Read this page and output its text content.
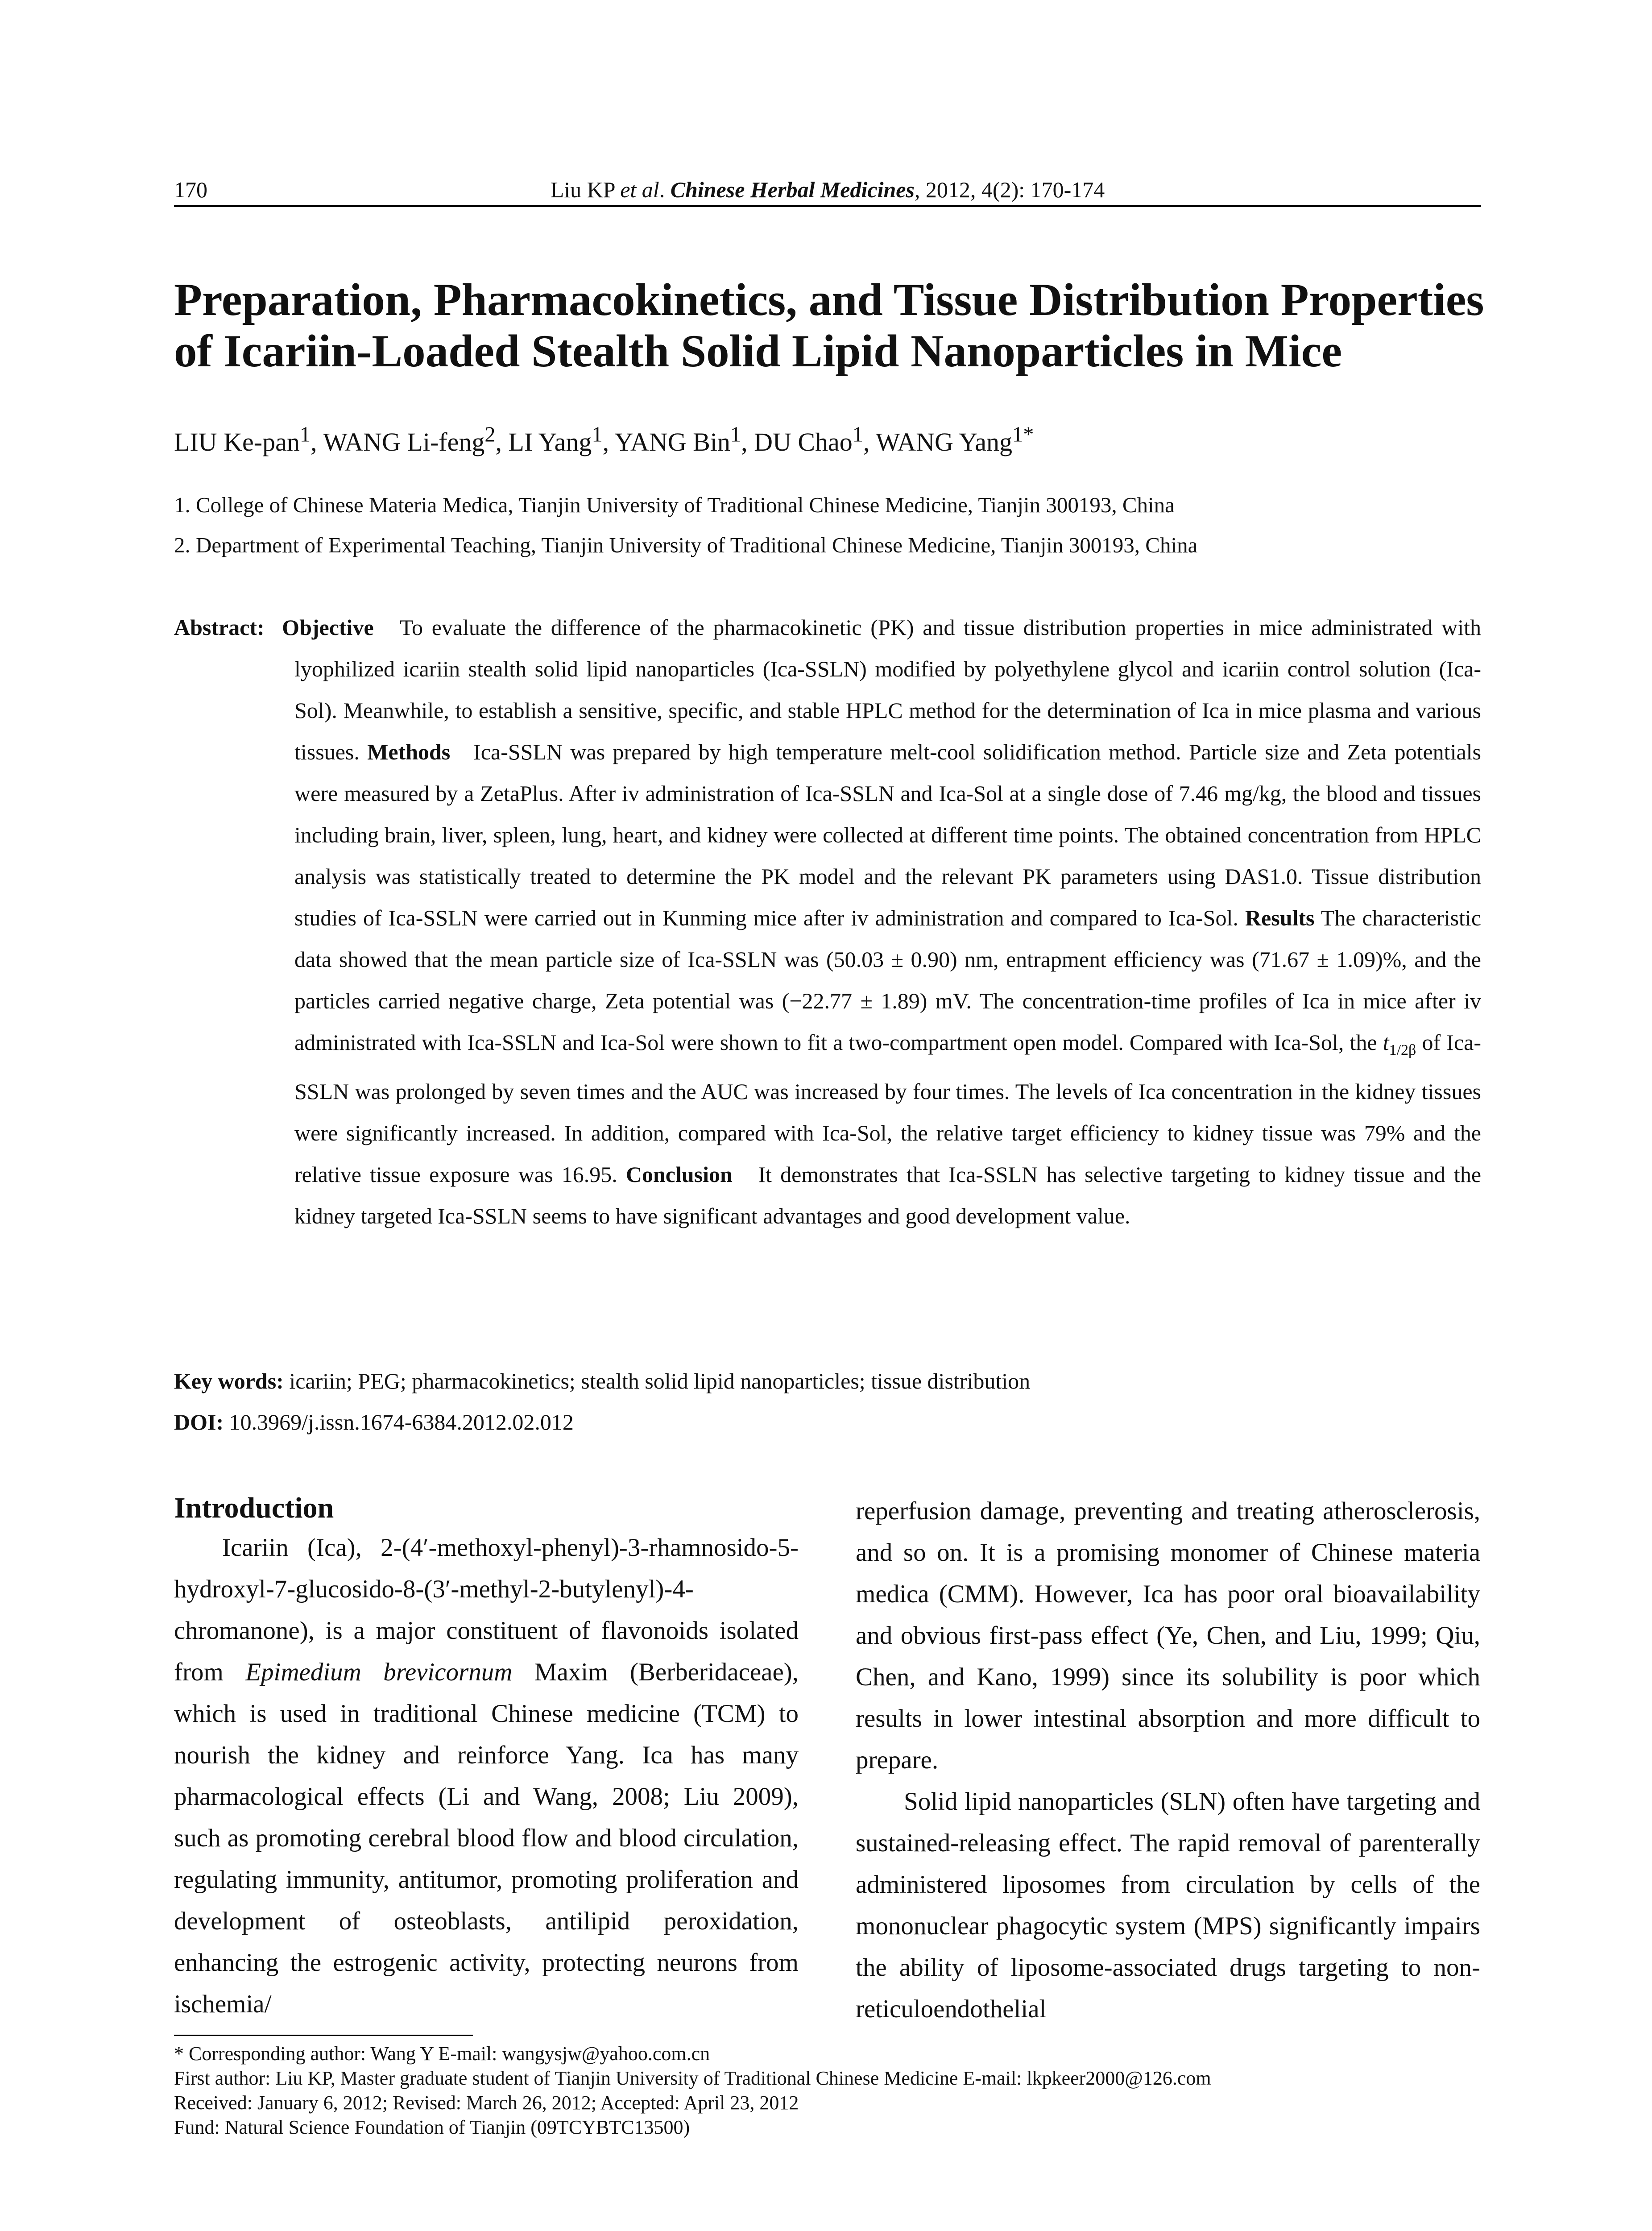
170	Liu KP et al. Chinese Herbal Medicines, 2012, 4(2): 170-174
Preparation, Pharmacokinetics, and Tissue Distribution Properties
of Icariin-Loaded Stealth Solid Lipid Nanoparticles in Mice
LIU Ke-pan$^1$, WANG Li-feng$^2$, LI Yang$^1$, YANG Bin$^1$, DU Chao$^1$, WANG Yang$^{1*}$
1. College of Chinese Materia Medica, Tianjin University of Traditional Chinese Medicine, Tianjin 300193, China
2. Department of Experimental Teaching, Tianjin University of Traditional Chinese Medicine, Tianjin 300193, China
Abstract: Objective To evaluate the difference of the pharmacokinetic (PK) and tissue distribution properties in mice administrated with lyophilized icariin stealth solid lipid nanoparticles (Ica-SSLN) modified by polyethylene glycol and icariin control solution (Ica-Sol). Meanwhile, to establish a sensitive, specific, and stable HPLC method for the determination of Ica in mice plasma and various tissues. Methods Ica-SSLN was prepared by high temperature melt-cool solidification method. Particle size and Zeta potentials were measured by a ZetaPlus. After iv administration of Ica-SSLN and Ica-Sol at a single dose of 7.46 mg/kg, the blood and tissues including brain, liver, spleen, lung, heart, and kidney were collected at different time points. The obtained concentration from HPLC analysis was statistically treated to determine the PK model and the relevant PK parameters using DAS1.0. Tissue distribution studies of Ica-SSLN were carried out in Kunming mice after iv administration and compared to Ica-Sol. Results The characteristic data showed that the mean particle size of Ica-SSLN was (50.03 ± 0.90) nm, entrapment efficiency was (71.67 ± 1.09)%, and the particles carried negative charge, Zeta potential was (−22.77 ± 1.89) mV. The concentration-time profiles of Ica in mice after iv administrated with Ica-SSLN and Ica-Sol were shown to fit a two-compartment open model. Compared with Ica-Sol, the $t_{1/2\beta}$ of Ica-SSLN was prolonged by seven times and the AUC was increased by four times. The levels of Ica concentration in the kidney tissues were significantly increased. In addition, compared with Ica-Sol, the relative target efficiency to kidney tissue was 79% and the relative tissue exposure was 16.95. Conclusion It demonstrates that Ica-SSLN has selective targeting to kidney tissue and the kidney targeted Ica-SSLN seems to have significant advantages and good development value.
Key words: icariin; PEG; pharmacokinetics; stealth solid lipid nanoparticles; tissue distribution
DOI: 10.3969/j.issn.1674-6384.2012.02.012
Introduction

Icariin (Ica), 2-(4′-methoxyl-phenyl)-3-rhamnosido-5-hydroxyl-7-glucosido-8-(3′-methyl-2-butylenyl)-4-chromanone), is a major constituent of flavonoids isolated from Epimedium brevicornum Maxim (Berberidaceae), which is used in traditional Chinese medicine (TCM) to nourish the kidney and reinforce Yang. Ica has many pharmacological effects (Li and Wang, 2008; Liu 2009), such as promoting cerebral blood flow and blood circulation, regulating immunity, antitumor, promoting proliferation and development of osteoblasts, antilipid peroxidation, enhancing the estrogenic activity, protecting neurons from ischemia/

reperfusion damage, preventing and treating atherosclerosis, and so on. It is a promising monomer of Chinese materia medica (CMM). However, Ica has poor oral bioavailability and obvious first-pass effect (Ye, Chen, and Liu, 1999; Qiu, Chen, and Kano, 1999) since its solubility is poor which results in lower intestinal absorption and more difficult to prepare.

Solid lipid nanoparticles (SLN) often have targeting and sustained-releasing effect. The rapid removal of parenterally administered liposomes from circulation by cells of the mononuclear phagocytic system (MPS) significantly impairs the ability of liposome-associated drugs targeting to non-reticuloendothelial

* Corresponding author: Wang Y E-mail: wangysjw@yahoo.com.cn
First author: Liu KP, Master graduate student of Tianjin University of Traditional Chinese Medicine E-mail: lkpkeer2000@126.com
Received: January 6, 2012; Revised: March 26, 2012; Accepted: April 23, 2012
Fund: Natural Science Foundation of Tianjin (09TCYBTC13500)
